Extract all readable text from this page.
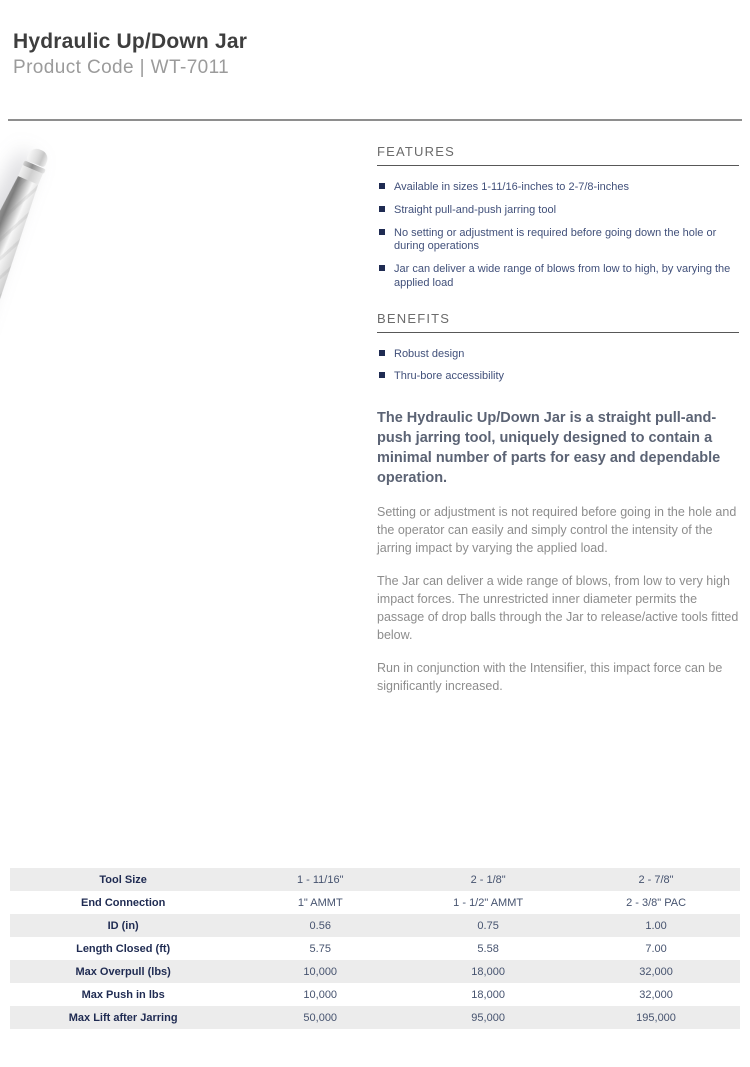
Hydraulic Up/Down Jar
Product Code | WT-7011
FEATURES
Available in sizes 1-11/16-inches to 2-7/8-inches
Straight pull-and-push jarring tool
No setting or adjustment is required before going down the hole or during operations
Jar can deliver a wide range of blows from low to high, by varying the applied load
BENEFITS
Robust design
Thru-bore accessibility

The Hydraulic Up/Down Jar is a straight pull-and-push jarring tool, uniquely designed to contain a minimal number of parts for easy and dependable operation.

Setting or adjustment is not required before going in the hole and the operator can easily and simply control the intensity of the jarring impact by varying the applied load.

The Jar can deliver a wide range of blows, from low to very high impact forces. The unrestricted inner diameter permits the passage of drop balls through the Jar to release/active tools fitted below.

Run in conjunction with the Intensifier, this impact force can be significantly increased.

Tool Size	1 - 11/16"	2 - 1/8"	2 - 7/8"
End Connection	1" AMMT	1 - 1/2" AMMT	2 - 3/8" PAC
ID (in)	0.56	0.75	1.00
Length Closed (ft)	5.75	5.58	7.00
Max Overpull (lbs)	10,000	18,000	32,000
Max Push in lbs	10,000	18,000	32,000
Max Lift after Jarring	50,000	95,000	195,000
